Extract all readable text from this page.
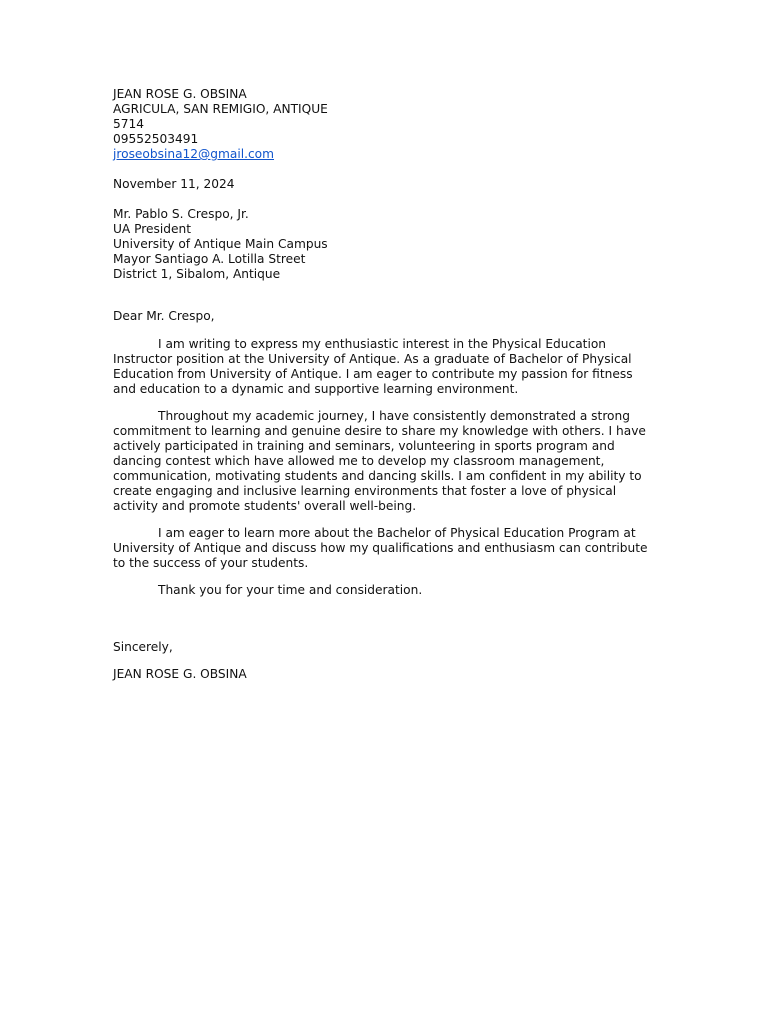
JEAN ROSE G. OBSINA
AGRICULA, SAN REMIGIO, ANTIQUE
5714
09552503491
jroseobsina12@gmail.com
November 11, 2024
Mr. Pablo S. Crespo, Jr.
UA President
University of Antique Main Campus
Mayor Santiago A. Lotilla Street
District 1, Sibalom, Antique
Dear Mr. Crespo,

I am writing to express my enthusiastic interest in the Physical Education Instructor position at the University of Antique. As a graduate of Bachelor of Physical Education from University of Antique. I am eager to contribute my passion for fitness and education to a dynamic and supportive learning environment.

Throughout my academic journey, I have consistently demonstrated a strong commitment to learning and genuine desire to share my knowledge with others. I have actively participated in training and seminars, volunteering in sports program and dancing contest which have allowed me to develop my classroom management, communication, motivating students and dancing skills. I am confident in my ability to create engaging and inclusive learning environments that foster a love of physical activity and promote students' overall well-being.

I am eager to learn more about the Bachelor of Physical Education Program at University of Antique and discuss how my qualifications and enthusiasm can contribute to the success of your students.

Thank you for your time and consideration.

Sincerely,
JEAN ROSE G. OBSINA
